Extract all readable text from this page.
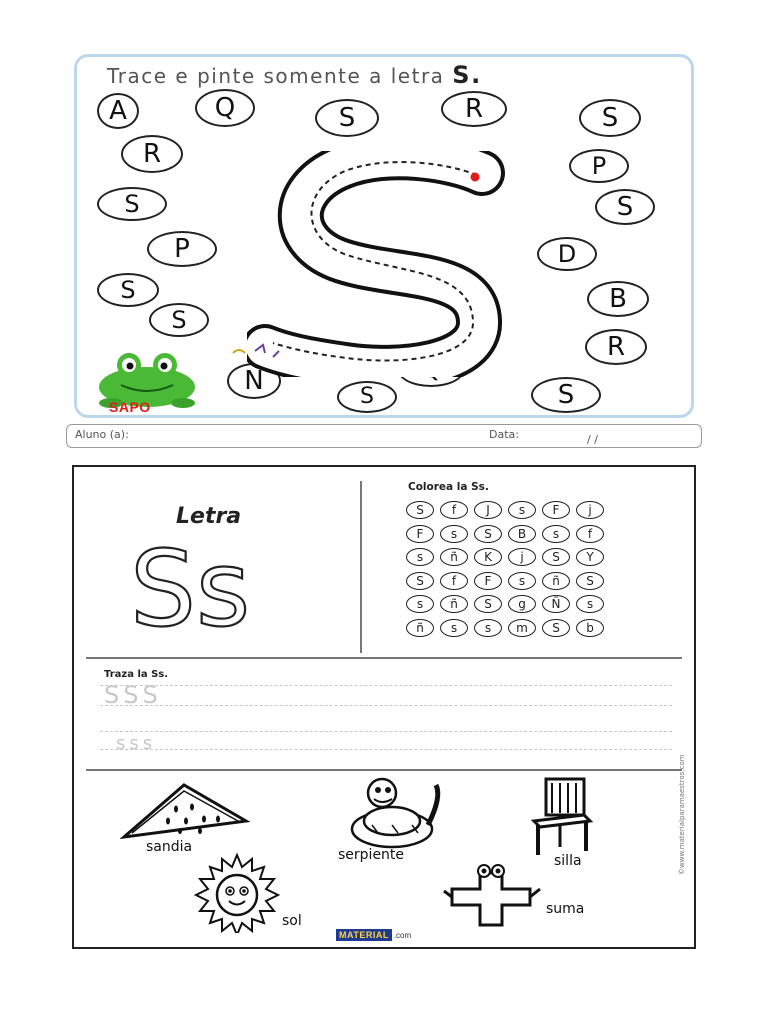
Trace e pinte somente a letra S.
A	Q	S	R	S
R	P
S	S
S
P	D
S
B
S
R
N
S
Q
SAPO
Aluno (a):	Data:	/ /
Letra
Ss
Colorea la Ss.
S	f	J	s	F	j
F	s	S	B	s	f
s	ñ	K	j	S	Y
S	f	F	s	ñ	S
s	ñ	S	g	Ñ	s
ñ	s	s	m	S	b
Traza la Ss.
SSS
sss
sandia	serpiente	silla
sol
suma
©www.materialparamaestros.com
MATERIAL .com
